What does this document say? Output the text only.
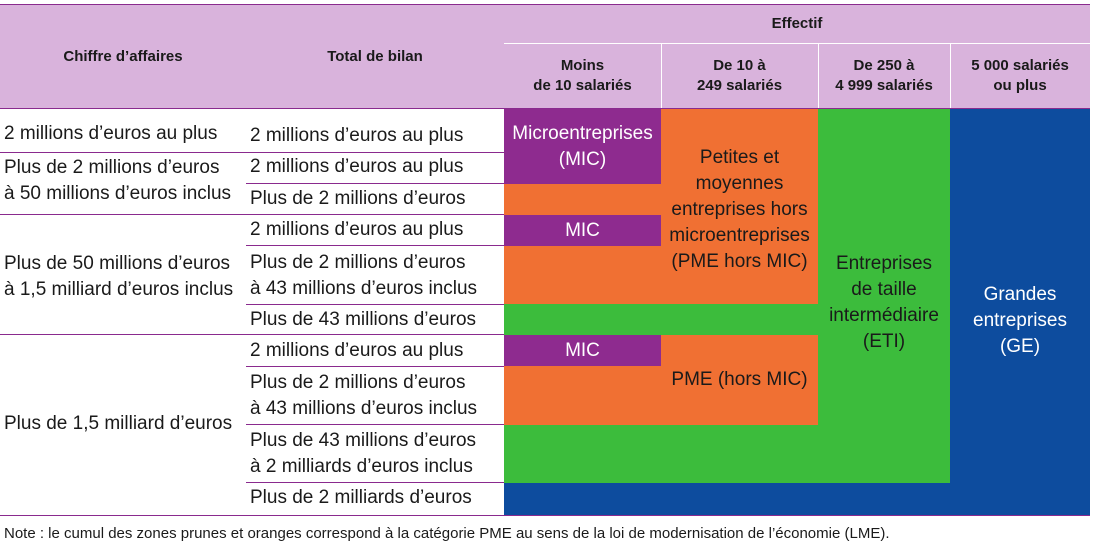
Chiffre d’affaires	Total de bilan
Effectif
Moins
de 10 salariés
De 10 à
249 salariés
De 250 à
4 999 salariés
5 000 salariés
ou plus
Microentreprises
(MIC)
MIC
MIC
Petites et
moyennes
entreprises hors
microentreprises
(PME hors MIC)
PME (hors MIC)
Entreprises
de taille
intermédiaire
(ETI)
Grandes
entreprises
(GE)
2 millions d’euros au plus
Plus de 2 millions d’euros
à 50 millions d’euros inclus
Plus de 50 millions d’euros
à 1,5 milliard d’euros inclus
Plus de 1,5 milliard d’euros
2 millions d’euros au plus
2 millions d’euros au plus
Plus de 2 millions d’euros
2 millions d’euros au plus
Plus de 2 millions d’euros
à 43 millions d’euros inclus
Plus de 43 millions d’euros
2 millions d’euros au plus
Plus de 2 millions d’euros
à 43 millions d’euros inclus
Plus de 43 millions d’euros
à 2 milliards d’euros inclus
Plus de 2 milliards d’euros
Note : le cumul des zones prunes et oranges correspond à la catégorie PME au sens de la loi de modernisation de l’économie (LME).
